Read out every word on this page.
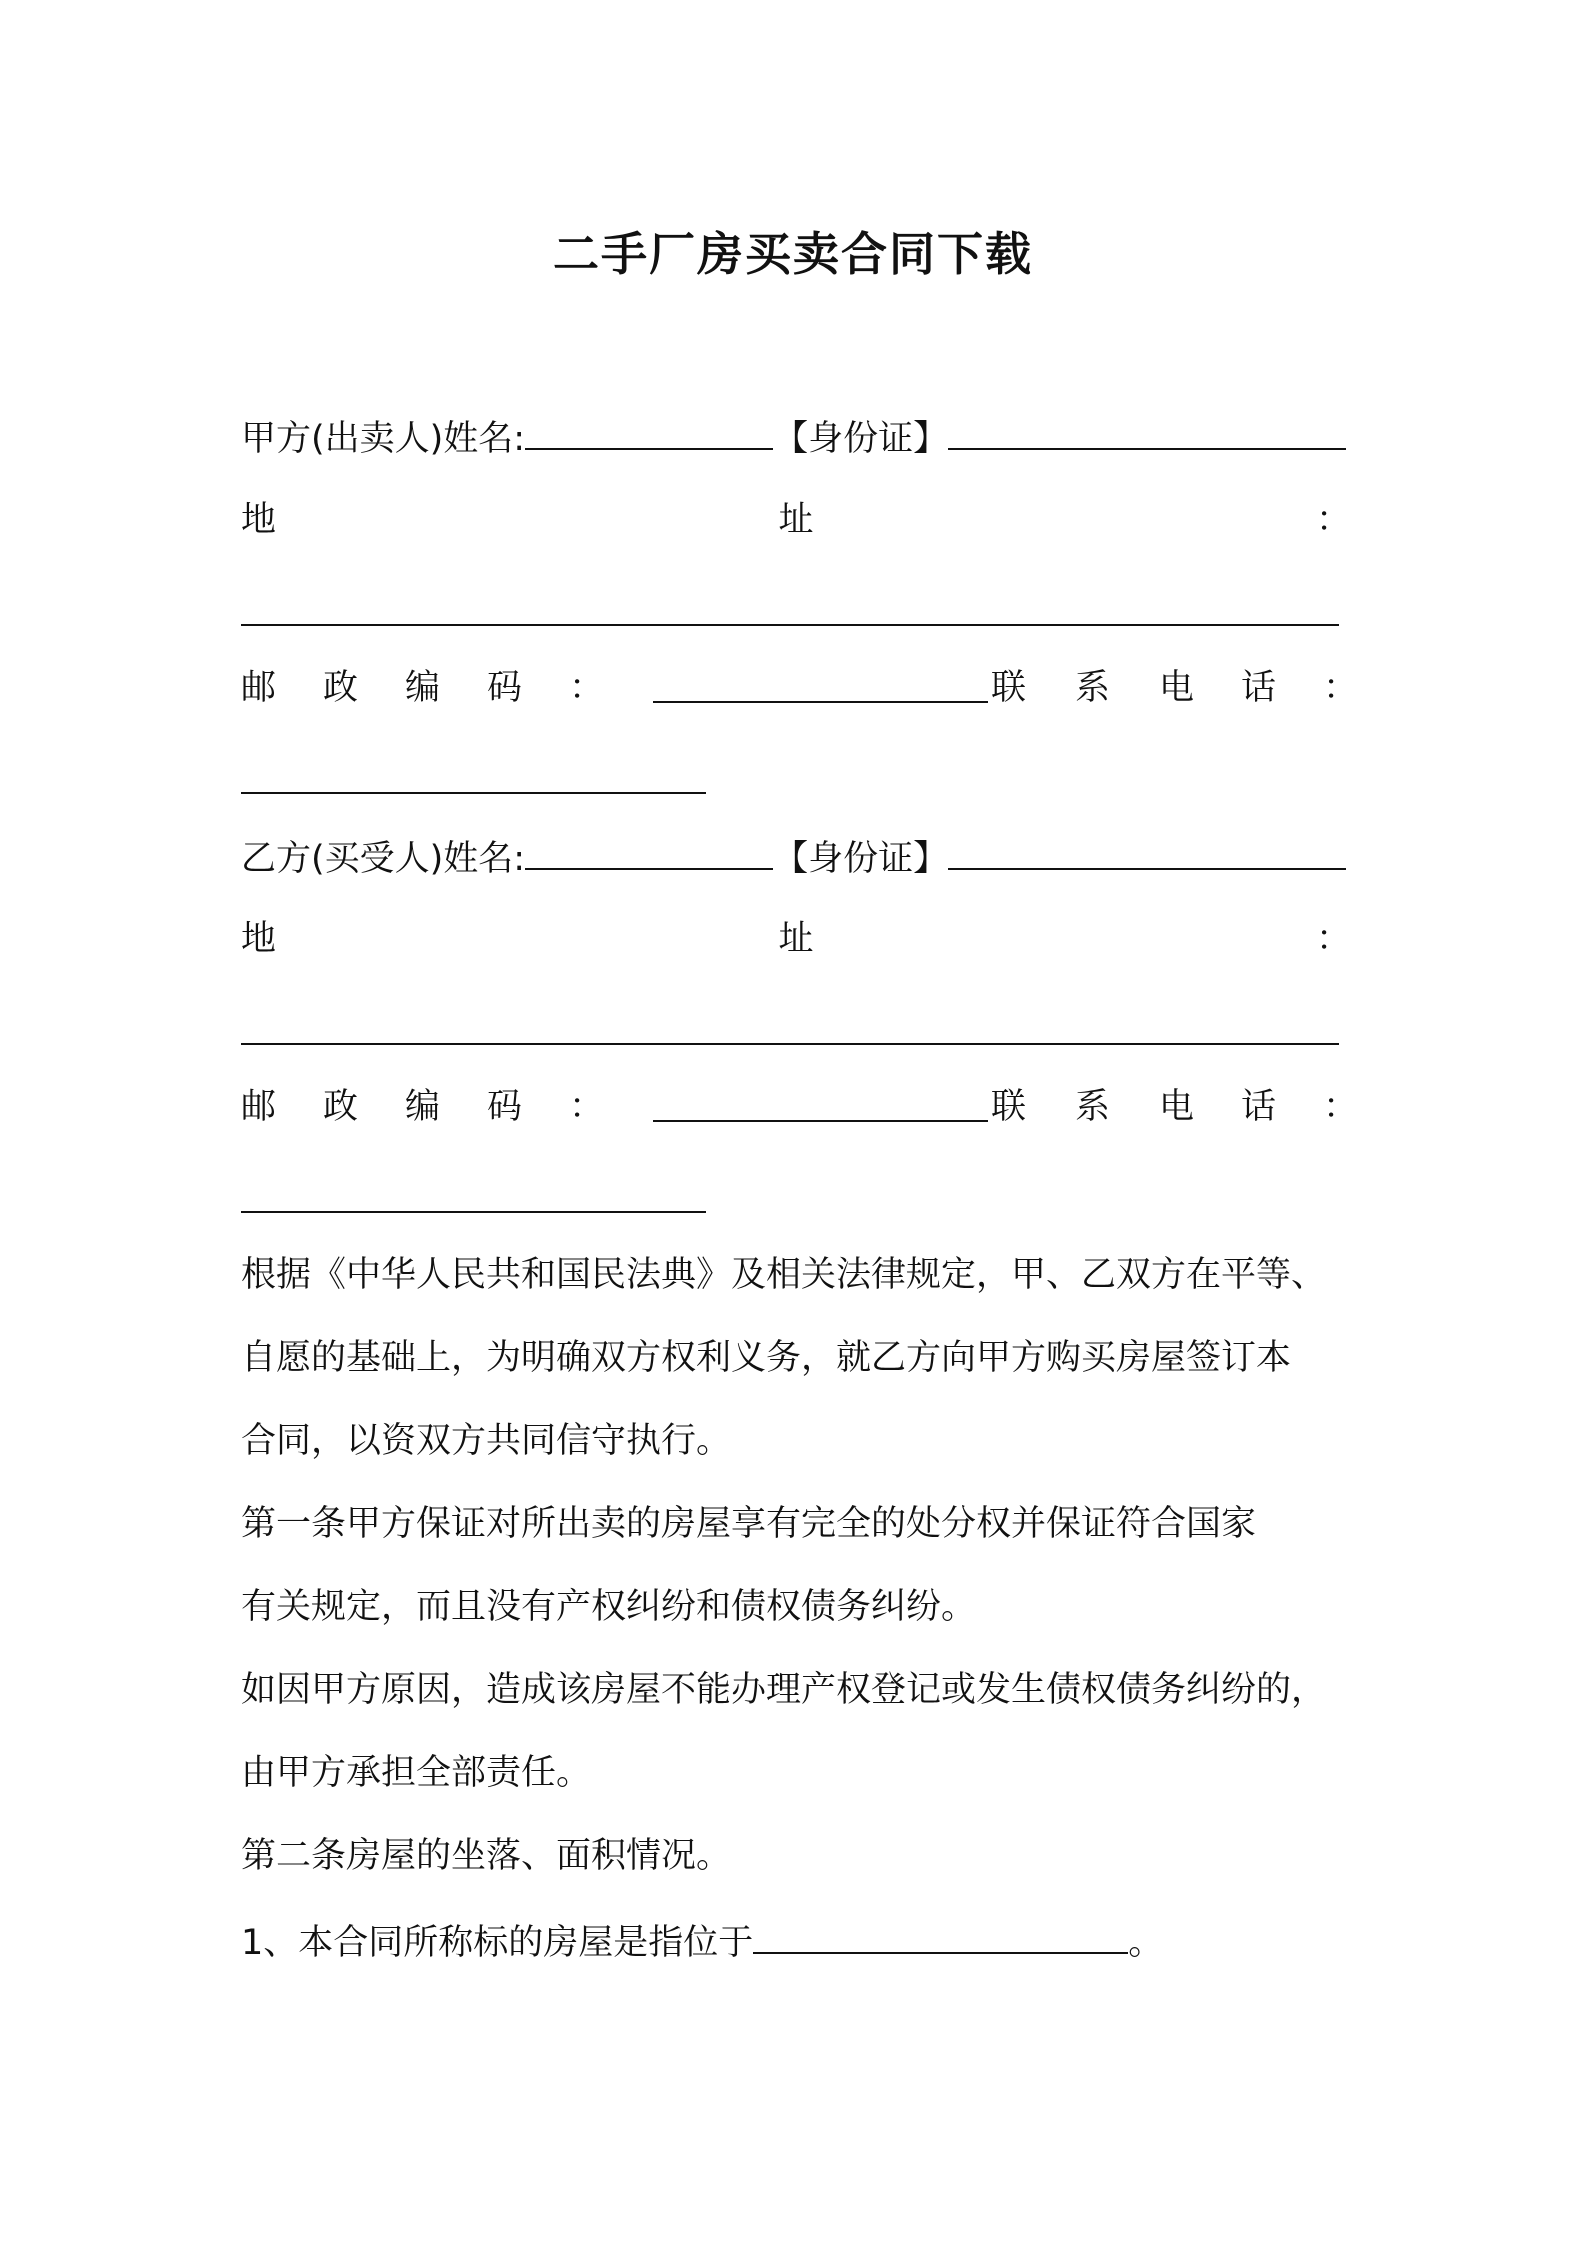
二手厂房买卖合同下载
甲方(出卖人)姓名:	【身份证】
地	址	：
邮 政 编 码 ：	联 系 电 话 ：
乙方(买受人)姓名:	【身份证】
地	址	：
邮 政 编 码 ：	联 系 电 话 ：
根据《中华人民共和国民法典》及相关法律规定，甲、乙双方在平等、
自愿的基础上，为明确双方权利义务，就乙方向甲方购买房屋签订本
合同，以资双方共同信守执行。
第一条甲方保证对所出卖的房屋享有完全的处分权并保证符合国家
有关规定，而且没有产权纠纷和债权债务纠纷。
如因甲方原因，造成该房屋不能办理产权登记或发生债权债务纠纷的，
由甲方承担全部责任。
第二条房屋的坐落、面积情况。
1、本合同所称标的房屋是指位于	。
